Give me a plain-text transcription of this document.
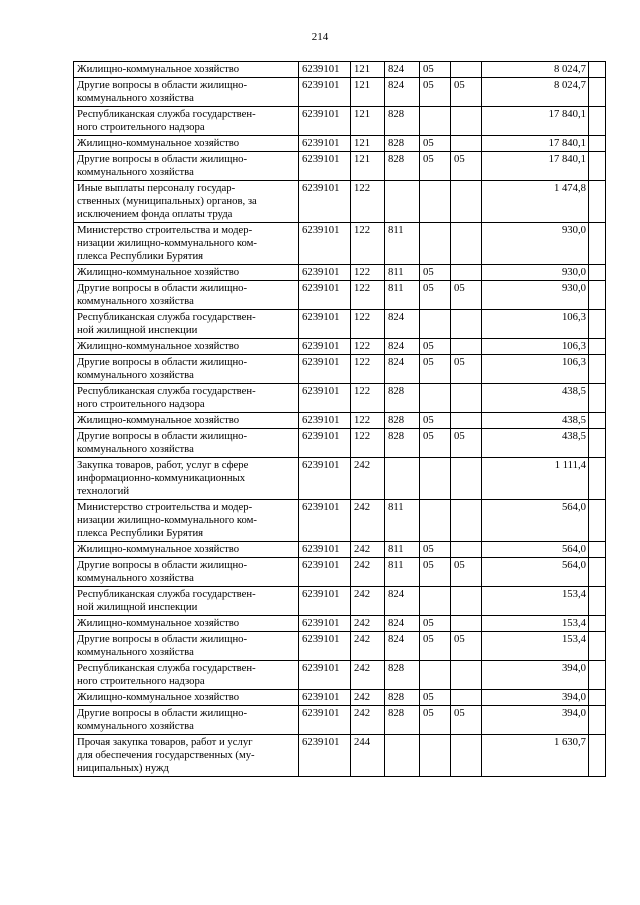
214
Жилищно-коммунальное хозяйство	6239101	121	824	05		8 024,7	
Другие вопросы в области жилищно-
коммунального хозяйства	6239101	121	824	05	05	8 024,7	
Республиканская служба государствен-
ного строительного надзора	6239101	121	828			17 840,1	
Жилищно-коммунальное хозяйство	6239101	121	828	05		17 840,1	
Другие вопросы в области жилищно-
коммунального хозяйства	6239101	121	828	05	05	17 840,1	
Иные выплаты персоналу государ-
ственных (муниципальных) органов, за
исключением фонда оплаты труда	6239101	122				1 474,8	
Министерство строительства и модер-
низации жилищно-коммунального ком-
плекса Республики Бурятия	6239101	122	811			930,0	
Жилищно-коммунальное хозяйство	6239101	122	811	05		930,0	
Другие вопросы в области жилищно-
коммунального хозяйства	6239101	122	811	05	05	930,0	
Республиканская служба государствен-
ной жилищной инспекции	6239101	122	824			106,3	
Жилищно-коммунальное хозяйство	6239101	122	824	05		106,3	
Другие вопросы в области жилищно-
коммунального хозяйства	6239101	122	824	05	05	106,3	
Республиканская служба государствен-
ного строительного надзора	6239101	122	828			438,5	
Жилищно-коммунальное хозяйство	6239101	122	828	05		438,5	
Другие вопросы в области жилищно-
коммунального хозяйства	6239101	122	828	05	05	438,5	
Закупка товаров, работ, услуг в сфере
информационно-коммуникационных
технологий	6239101	242				1 111,4	
Министерство строительства и модер-
низации жилищно-коммунального ком-
плекса Республики Бурятия	6239101	242	811			564,0	
Жилищно-коммунальное хозяйство	6239101	242	811	05		564,0	
Другие вопросы в области жилищно-
коммунального хозяйства	6239101	242	811	05	05	564,0	
Республиканская служба государствен-
ной жилищной инспекции	6239101	242	824			153,4	
Жилищно-коммунальное хозяйство	6239101	242	824	05		153,4	
Другие вопросы в области жилищно-
коммунального хозяйства	6239101	242	824	05	05	153,4	
Республиканская служба государствен-
ного строительного надзора	6239101	242	828			394,0	
Жилищно-коммунальное хозяйство	6239101	242	828	05		394,0	
Другие вопросы в области жилищно-
коммунального хозяйства	6239101	242	828	05	05	394,0	
Прочая закупка товаров, работ и услуг
для обеспечения государственных (му-
ниципальных) нужд	6239101	244				1 630,7	
